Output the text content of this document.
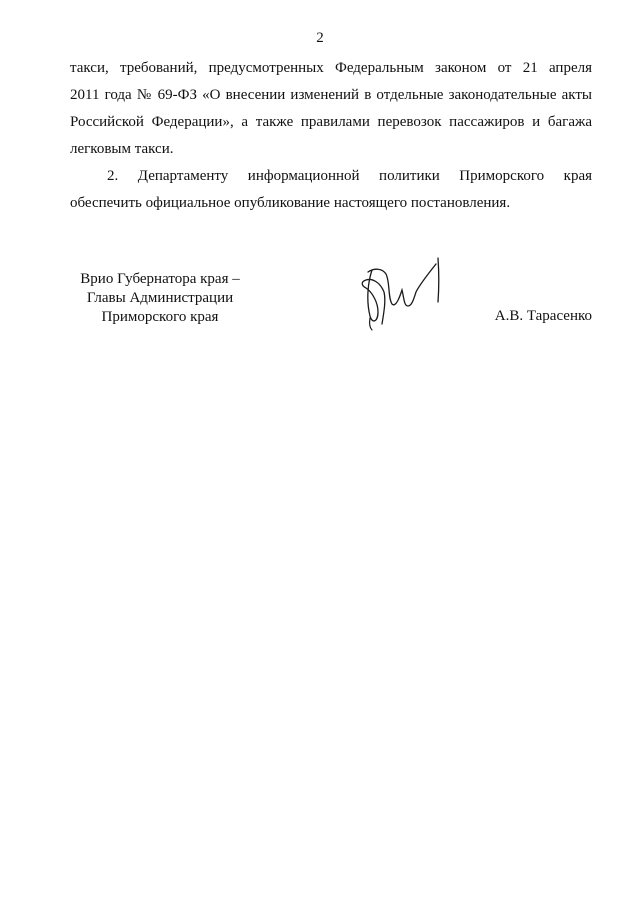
2

такси, требований, предусмотренных Федеральным законом от 21 апреля
2011 года № 69-ФЗ «О внесении изменений в отдельные законодательные акты
Российской Федерации», а также правилами перевозок пассажиров и багажа
легковым такси.

2. Департаменту информационной политики Приморского края
обеспечить официальное опубликование настоящего постановления.

Врио Губернатора края –
Главы Администрации
Приморского края	А.В. Тарасенко
